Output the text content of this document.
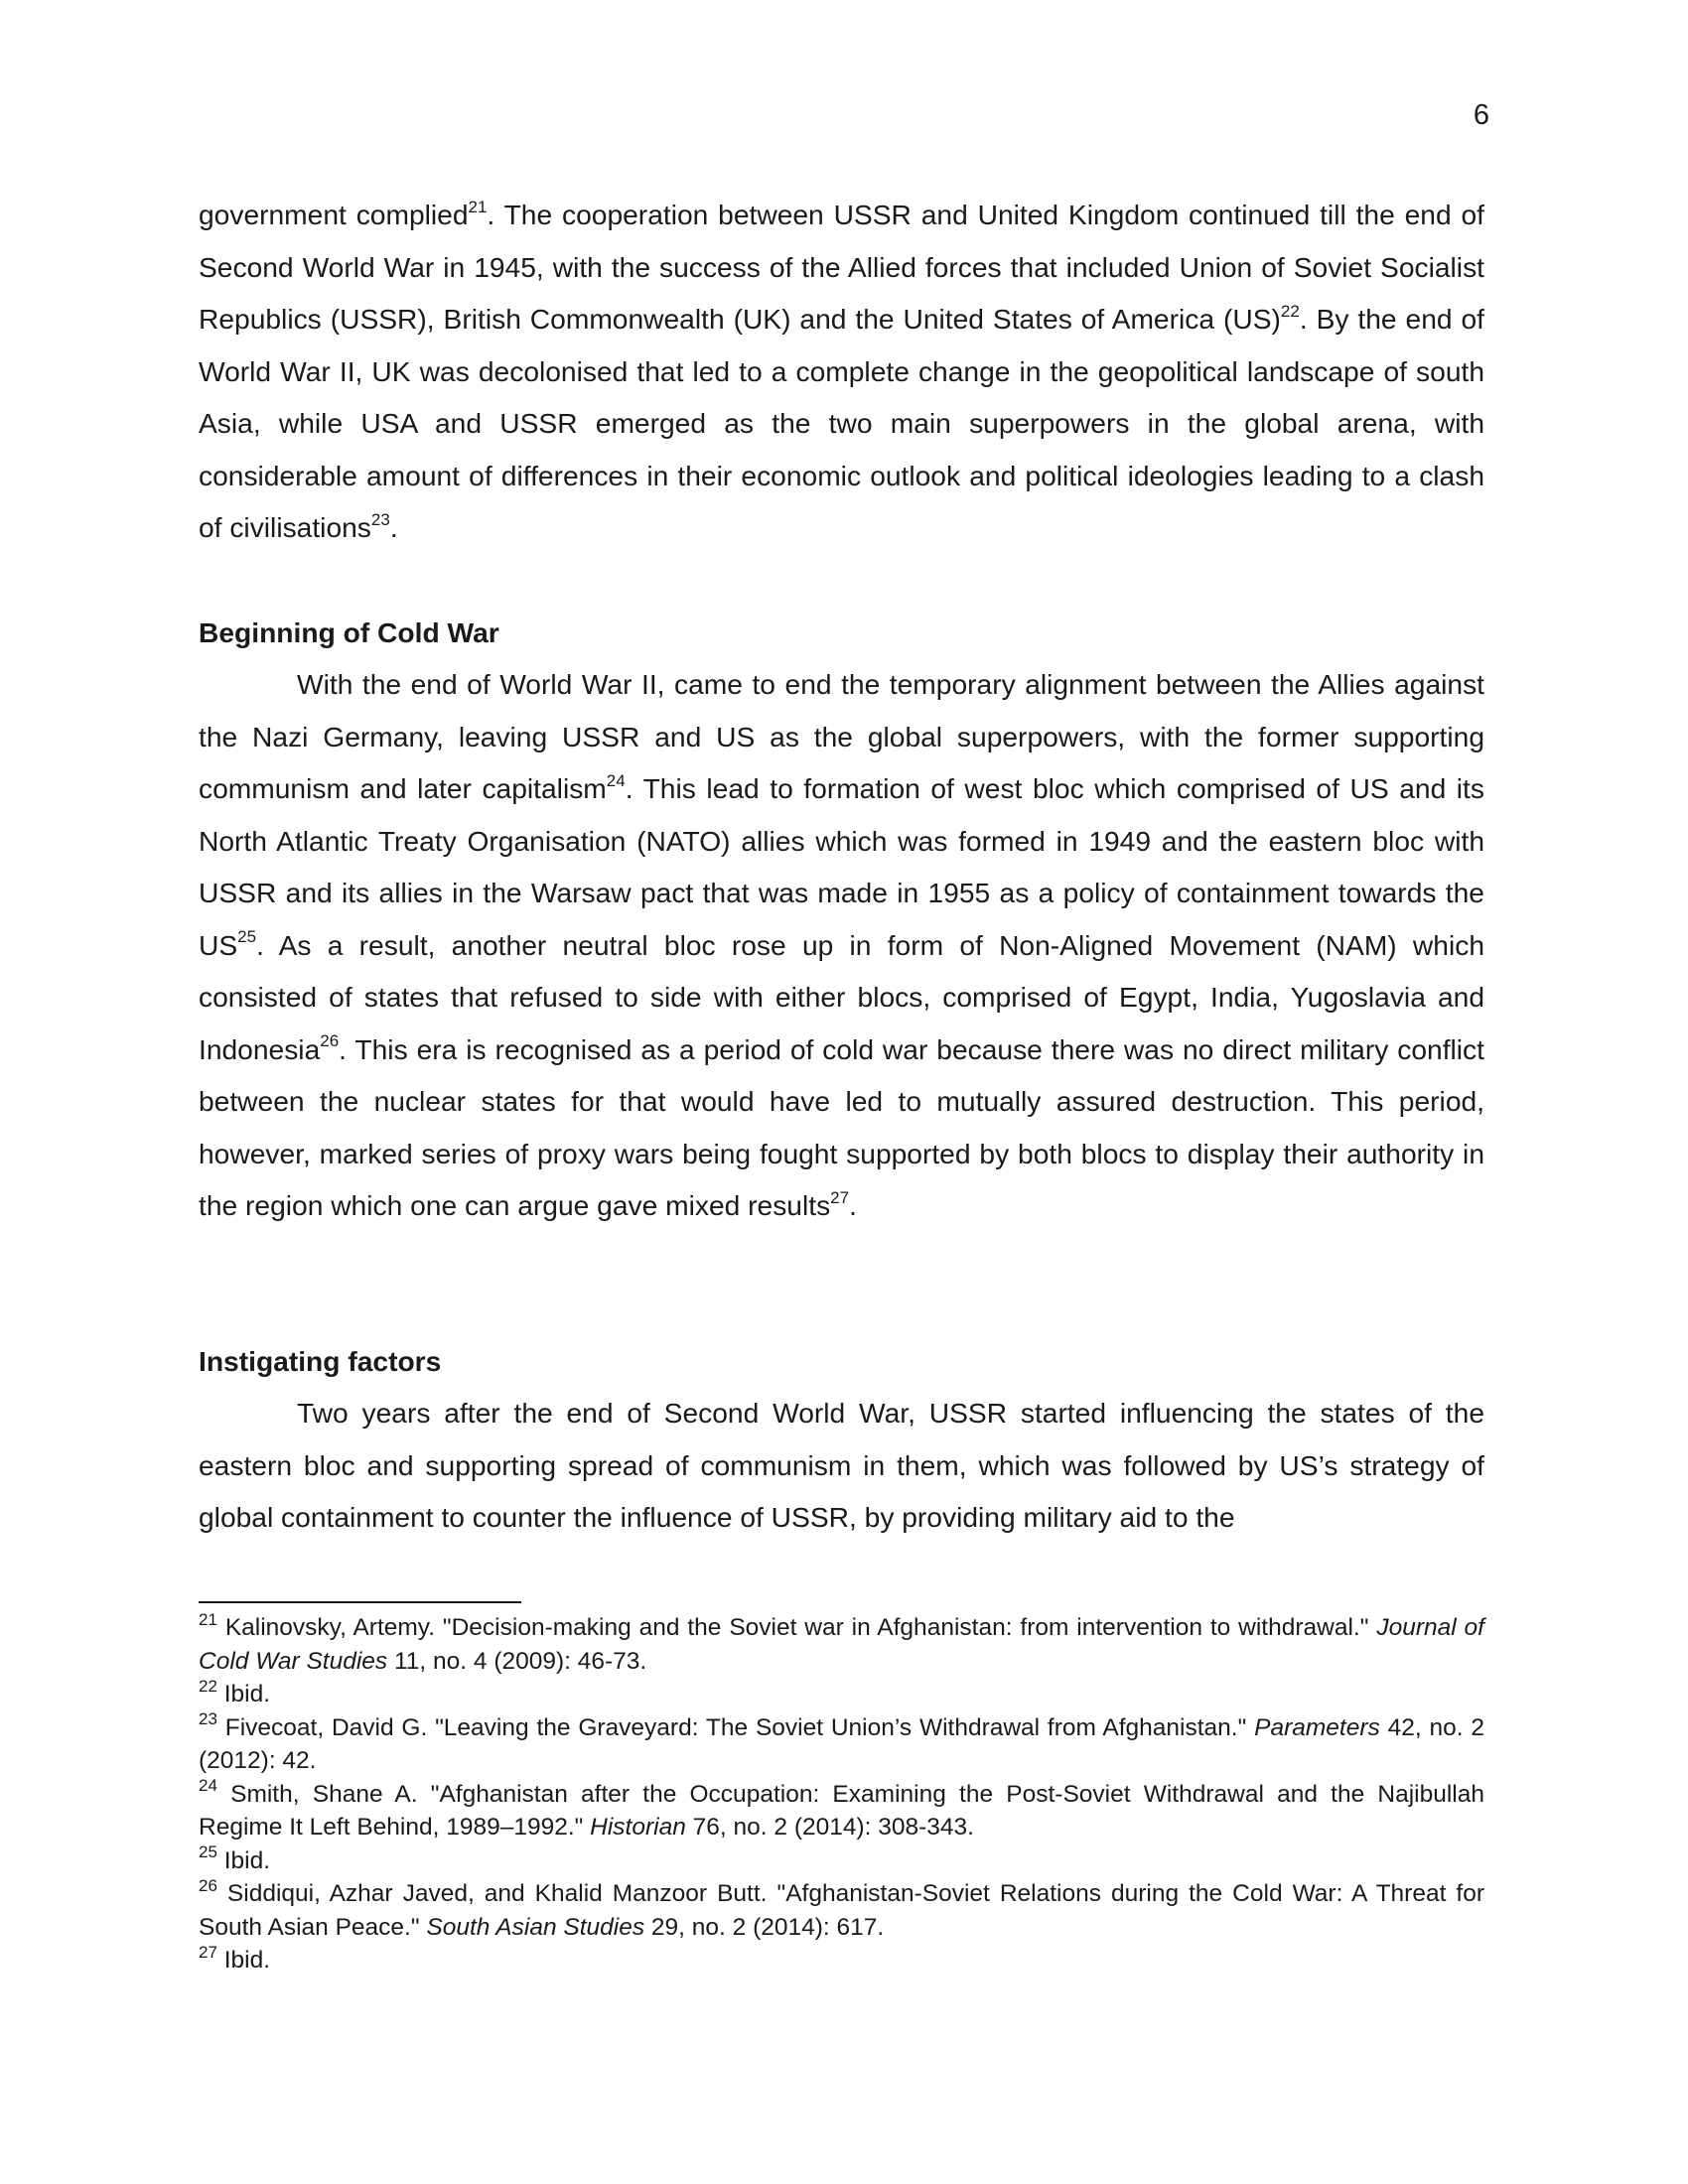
6
government complied$^{21}$. The cooperation between USSR and United Kingdom continued till the end of Second World War in 1945, with the success of the Allied forces that included Union of Soviet Socialist Republics (USSR), British Commonwealth (UK) and the United States of America (US)$^{22}$. By the end of World War II, UK was decolonised that led to a complete change in the geopolitical landscape of south Asia, while USA and USSR emerged as the two main superpowers in the global arena, with considerable amount of differences in their economic outlook and political ideologies leading to a clash of civilisations$^{23}$.
Beginning of Cold War
With the end of World War II, came to end the temporary alignment between the Allies against the Nazi Germany, leaving USSR and US as the global superpowers, with the former supporting communism and later capitalism$^{24}$. This lead to formation of west bloc which comprised of US and its North Atlantic Treaty Organisation (NATO) allies which was formed in 1949 and the eastern bloc with USSR and its allies in the Warsaw pact that was made in 1955 as a policy of containment towards the US$^{25}$. As a result, another neutral bloc rose up in form of Non-Aligned Movement (NAM) which consisted of states that refused to side with either blocs, comprised of Egypt, India, Yugoslavia and Indonesia$^{26}$. This era is recognised as a period of cold war because there was no direct military conflict between the nuclear states for that would have led to mutually assured destruction. This period, however, marked series of proxy wars being fought supported by both blocs to display their authority in the region which one can argue gave mixed results$^{27}$.
Instigating factors
Two years after the end of Second World War, USSR started influencing the states of the eastern bloc and supporting spread of communism in them, which was followed by US’s strategy of global containment to counter the influence of USSR, by providing military aid to the
$^{21}$ Kalinovsky, Artemy. "Decision-making and the Soviet war in Afghanistan: from intervention to withdrawal." Journal of Cold War Studies 11, no. 4 (2009): 46-73.
$^{22}$ Ibid.
$^{23}$ Fivecoat, David G. "Leaving the Graveyard: The Soviet Union’s Withdrawal from Afghanistan." Parameters 42, no. 2 (2012): 42.
$^{24}$ Smith, Shane A. "Afghanistan after the Occupation: Examining the Post-Soviet Withdrawal and the Najibullah Regime It Left Behind, 1989–1992." Historian 76, no. 2 (2014): 308-343.
$^{25}$ Ibid.
$^{26}$ Siddiqui, Azhar Javed, and Khalid Manzoor Butt. "Afghanistan-Soviet Relations during the Cold War: A Threat for South Asian Peace." South Asian Studies 29, no. 2 (2014): 617.
$^{27}$ Ibid.
